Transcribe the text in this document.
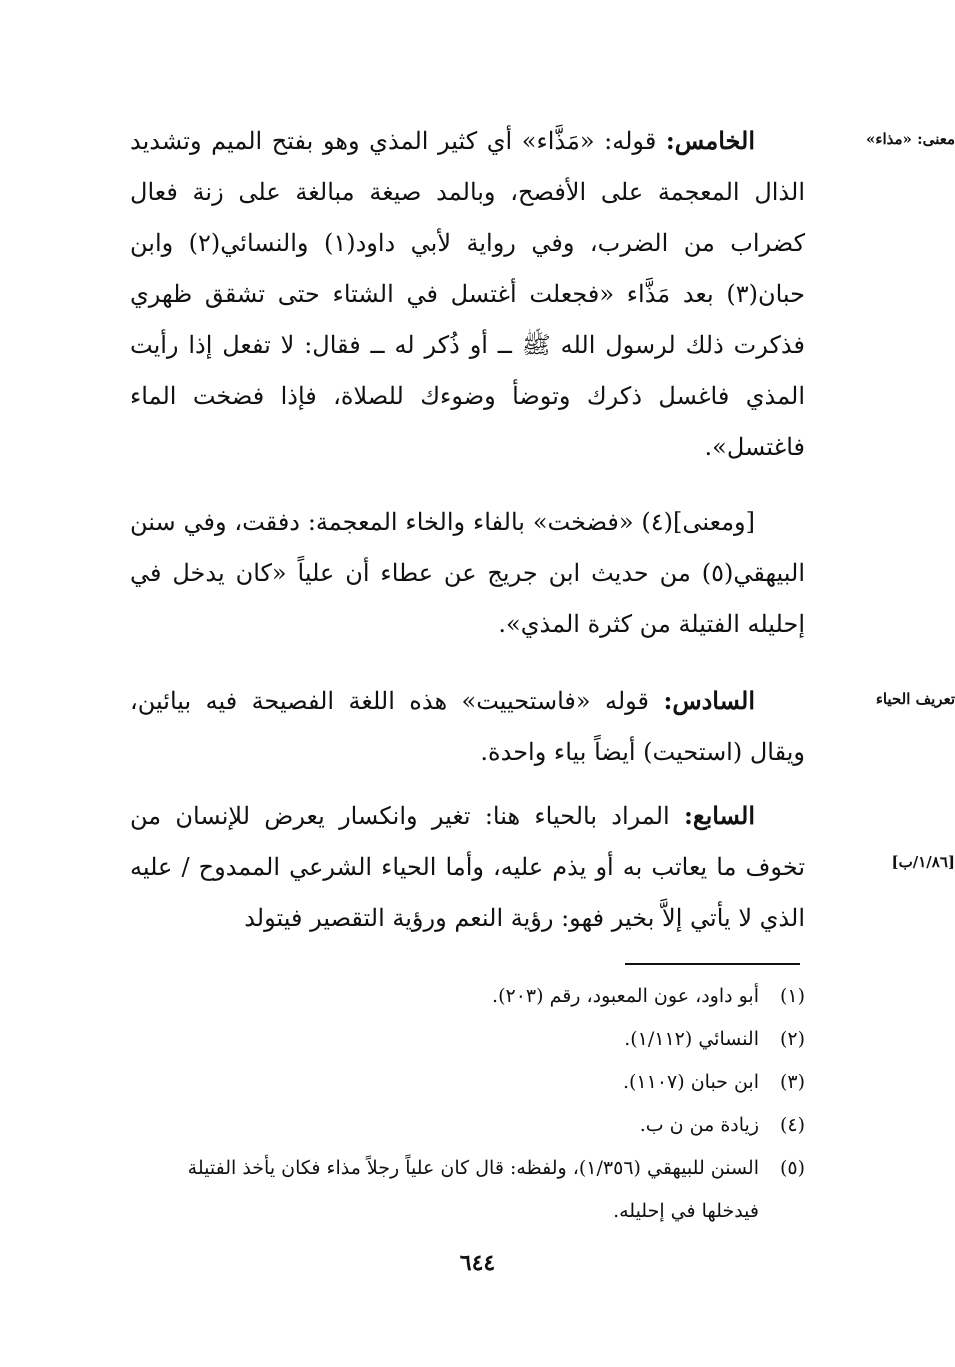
معنى: «مذاء»
تعريف الحياء
[١/٨٦/ب]

الخامس: قوله: «مَذَّاء» أي كثير المذي وهو بفتح الميم وتشديد الذال المعجمة على الأفصح، وبالمد صيغة مبالغة على زنة فعال كضراب من الضرب، وفي رواية لأبي داود(١) والنسائي(٢) وابن حبان(٣) بعد مَذَّاء «فجعلت أغتسل في الشتاء حتى تشقق ظهري فذكرت ذلك لرسول الله ﷺ ــ أو ذُكر له ــ فقال: لا تفعل إذا رأيت المذي فاغسل ذكرك وتوضأ وضوءك للصلاة، فإذا فضخت الماء فاغتسل».

[ومعنى](٤) «فضخت» بالفاء والخاء المعجمة: دفقت، وفي سنن البيهقي(٥) من حديث ابن جريج عن عطاء أن علياً «كان يدخل في إحليله الفتيلة من كثرة المذي».

السادس: قوله «فاستحييت» هذه اللغة الفصيحة فيه بيائين، ويقال (استحيت) أيضاً بياء واحدة.

السابع: المراد بالحياء هنا: تغير وانكسار يعرض للإنسان من تخوف ما يعاتب به أو يذم عليه، وأما الحياء الشرعي الممدوح / عليه الذي لا يأتي إلاَّ بخير فهو: رؤية النعم ورؤية التقصير فيتولد

(١)
أبو داود، عون المعبود، رقم (٢٠٣).
(٢)
النسائي (١/١١٢).
(٣)
ابن حبان (١١٠٧).
(٤)
زيادة من ن ب.
(٥)
السنن للبيهقي (١/٣٥٦)، ولفظه: قال كان علياً رجلاً مذاء فكان يأخذ الفتيلة فيدخلها في إحليله.
٦٤٤
